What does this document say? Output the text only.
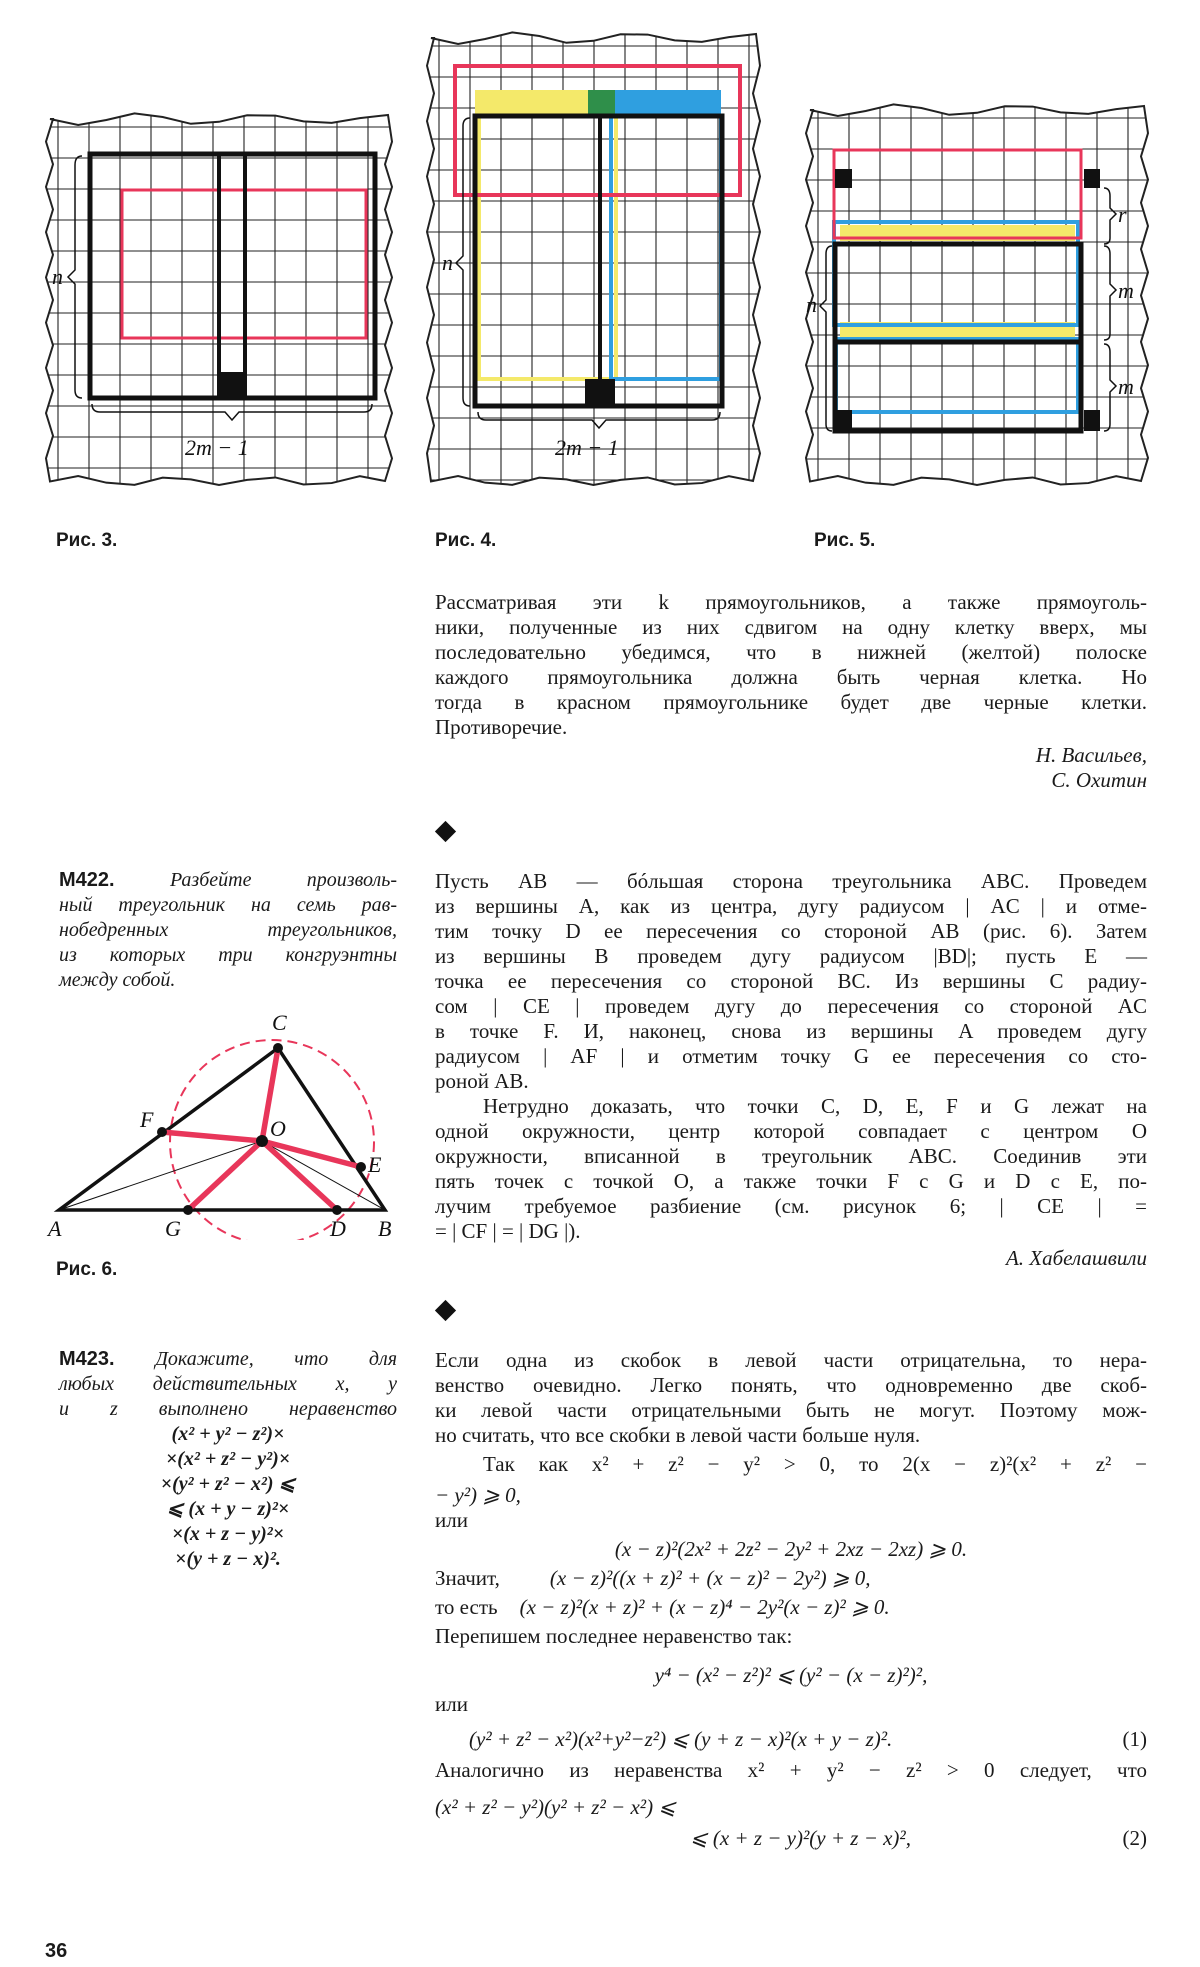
n
2m − 1
n
2m − 1
r
m
m
n
Рис. 3.	Рис. 4.	Рис. 5.
Рассматривая эти k прямоугольников, а также прямоуголь-
ники, полученные из них сдвигом на одну клетку вверх, мы
последовательно убедимся, что в нижней (желтой) полоске
каждого прямоугольника должна быть черная клетка. Но
тогда в красном прямоугольнике будет две черные клетки.
Противоречие.
Н. Васильев,
С. Охитин
М422.	Разбейте произволь-
ный треугольник на семь рав-
нобедренных треугольников,
из которых три конгруэнтны
между собой.
C
F	O
E
A	G	D B
Рис. 6.
Пусть AB — бóльшая сторона треугольника ABC. Проведем
из вершины A, как из центра, дугу радиусом | AC | и отме-
тим точку D ее пересечения со стороной AB (рис. 6). Затем
из вершины B проведем дугу радиусом |BD|; пусть E —
точка ее пересечения со стороной BC. Из вершины C радиу-
сом | CE | проведем дугу до пересечения со стороной AC
в точке F. И, наконец, снова из вершины A проведем дугу
радиусом | AF | и отметим точку G ее пересечения со сто-
роной AB.
Нетрудно доказать, что точки C, D, E, F и G лежат на
одной окружности, центр которой совпадает с центром O
окружности, вписанной в треугольник ABC. Соединив эти
пять точек с точкой O, а также точки F с G и D с E, по-
лучим требуемое разбиение (см. рисунок 6; | CE | =
= | CF | = | DG |).
А. Хабелашвили
М423. Докажите, что для
любых действительных x, y
и z выполнено неравенство
(x² + y² − z²)×
×(x² + z² − y²)×
×(y² + z² − x²) ⩽
⩽ (x + y − z)²×
×(x + z − y)²×
×(y + z − x)².
Если одна из скобок в левой части отрицательна, то нера-
венство очевидно. Легко понять, что одновременно две скоб-
ки левой части отрицательными быть не могут. Поэтому мож-
но считать, что все скобки в левой части больше нуля.
Так как x² + z² − y² > 0, то 2(x − z)²(x² + z² −
− y²) ⩾ 0,
или
(x − z)²(2x² + 2z² − 2y² + 2xz − 2xz) ⩾ 0.
Значит, (x − z)²((x + z)² + (x − z)² − 2y²) ⩾ 0,
то есть (x − z)²(x + z)² + (x − z)⁴ − 2y²(x − z)² ⩾ 0.
Перепишем последнее неравенство так:
y⁴ − (x² − z²)² ⩽ (y² − (x − z)²)²,
или
(y² + z² − x²)(x²+y²−z²) ⩽ (y + z − x)²(x + y − z)².	(1)
Аналогично из неравенства x² + y² − z² > 0 следует, что
(x² + z² − y²)(y² + z² − x²) ⩽
⩽ (x + z − y)²(y + z − x)²,	(2)
36
